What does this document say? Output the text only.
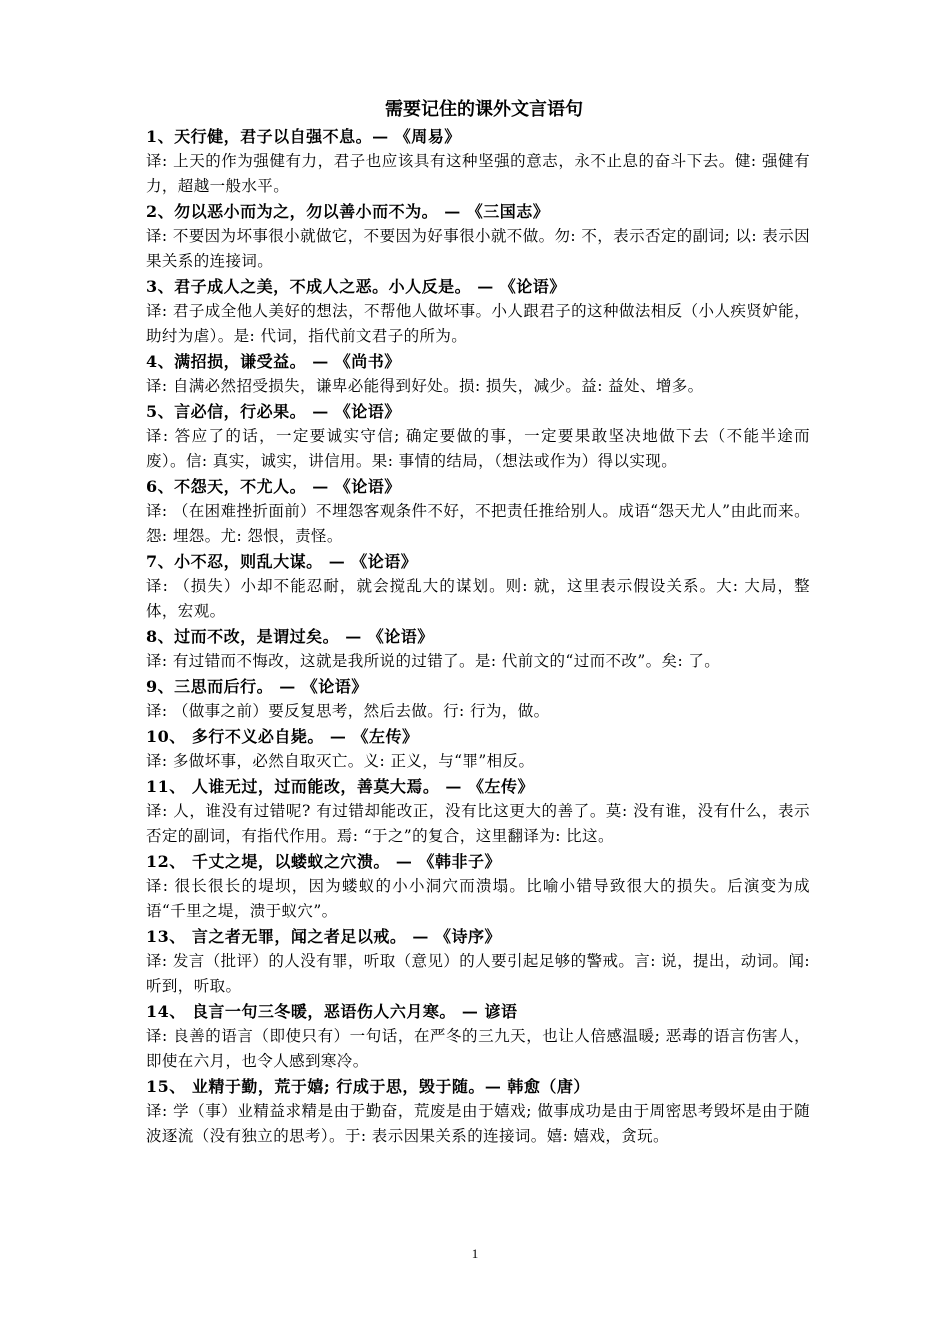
需要记住的课外文言语句

1、天行健，君子以自强不息。— 《周易》

译: 上天的作为强健有力，君子也应该具有这种坚强的意志，永不止息的奋斗下去。健: 强健有力，超越一般水平。

2、勿以恶小而为之，勿以善小而不为。 — 《三国志》

译: 不要因为坏事很小就做它，不要因为好事很小就不做。勿: 不，表示否定的副词; 以: 表示因果关系的连接词。

3、君子成人之美，不成人之恶。小人反是。 — 《论语》

译: 君子成全他人美好的想法，不帮他人做坏事。小人跟君子的这种做法相反（小人疾贤妒能，助纣为虐）。是: 代词，指代前文君子的所为。

4、满招损，谦受益。 — 《尚书》

译: 自满必然招受损失，谦卑必能得到好处。损: 损失，减少。益: 益处、增多。

5、言必信，行必果。 — 《论语》

译: 答应了的话，一定要诚实守信; 确定要做的事，一定要果敢坚决地做下去（不能半途而废）。信: 真实，诚实，讲信用。果: 事情的结局，（想法或作为）得以实现。

6、不怨天，不尤人。 — 《论语》

译: （在困难挫折面前）不埋怨客观条件不好，不把责任推给别人。成语“怨天尤人”由此而来。怨: 埋怨。尤: 怨恨，责怪。

7、小不忍，则乱大谋。 — 《论语》

译: （损失）小却不能忍耐，就会搅乱大的谋划。则: 就，这里表示假设关系。大: 大局，整体，宏观。

8、过而不改，是谓过矣。 — 《论语》

译: 有过错而不悔改，这就是我所说的过错了。是: 代前文的“过而不改”。矣: 了。

9、三思而后行。 — 《论语》

译: （做事之前）要反复思考，然后去做。行: 行为，做。

10、 多行不义必自毙。 — 《左传》

译: 多做坏事，必然自取灭亡。义: 正义，与“罪”相反。

11、 人谁无过，过而能改，善莫大焉。 — 《左传》

译: 人，谁没有过错呢? 有过错却能改正，没有比这更大的善了。莫: 没有谁，没有什么，表示否定的副词，有指代作用。焉: “于之”的复合，这里翻译为: 比这。

12、 千丈之堤，以蝼蚁之穴溃。 — 《韩非子》

译: 很长很长的堤坝，因为蝼蚁的小小洞穴而溃塌。比喻小错导致很大的损失。后演变为成语“千里之堤，溃于蚁穴”。

13、 言之者无罪，闻之者足以戒。 — 《诗序》

译: 发言（批评）的人没有罪，听取（意见）的人要引起足够的警戒。言: 说，提出，动词。闻: 听到，听取。

14、 良言一句三冬暖，恶语伤人六月寒。 — 谚语

译: 良善的语言（即使只有）一句话，在严冬的三九天，也让人倍感温暖; 恶毒的语言伤害人，即使在六月，也令人感到寒冷。

15、 业精于勤，荒于嬉; 行成于思，毁于随。— 韩愈（唐）

译: 学（事）业精益求精是由于勤奋，荒废是由于嬉戏; 做事成功是由于周密思考毁坏是由于随波逐流（没有独立的思考）。于: 表示因果关系的连接词。嬉: 嬉戏，贪玩。

1
